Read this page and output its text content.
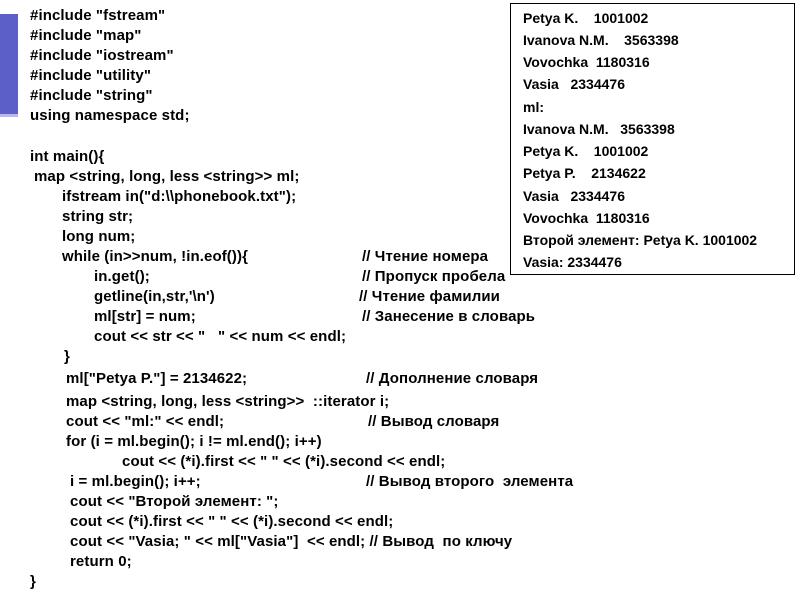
#include "fstream"
#include "map"
#include "iostream"
#include "utility"
#include "string"
using namespace std;
int main(){
map <string, long, less <string>> ml;
ifstream in("d:\\phonebook.txt");
string str;
long num;
while (in>>num, !in.eof()){
in.get();
getline(in,str,'\n')
ml[str] = num;
cout << str << "   " << num << endl;
}
ml["Petya P."] = 2134622;
map <string, long, less <string>>  ::iterator i;
cout << "ml:" << endl;
for (i = ml.begin(); i != ml.end(); i++)
cout << (*i).first << " " << (*i).second << endl;
i = ml.begin(); i++;
cout << "Второй элемент: ";
cout << (*i).first << " " << (*i).second << endl;
cout << "Vasia; " << ml["Vasia"]  << endl; // Вывод  по ключу
return 0;
}
// Чтение номера
// Пропуск пробела
// Чтение фамилии
// Занесение в словарь
// Дополнение словаря
// Вывод словаря
// Вывод второго  элемента
Petya K.    1001002
Ivanova N.M.    3563398
Vovochka  1180316
Vasia   2334476
ml:
Ivanova N.M.   3563398
Petya K.    1001002
Petya P.    2134622
Vasia   2334476
Vovochka  1180316
Второй элемент: Petya K. 1001002
Vasia: 2334476
